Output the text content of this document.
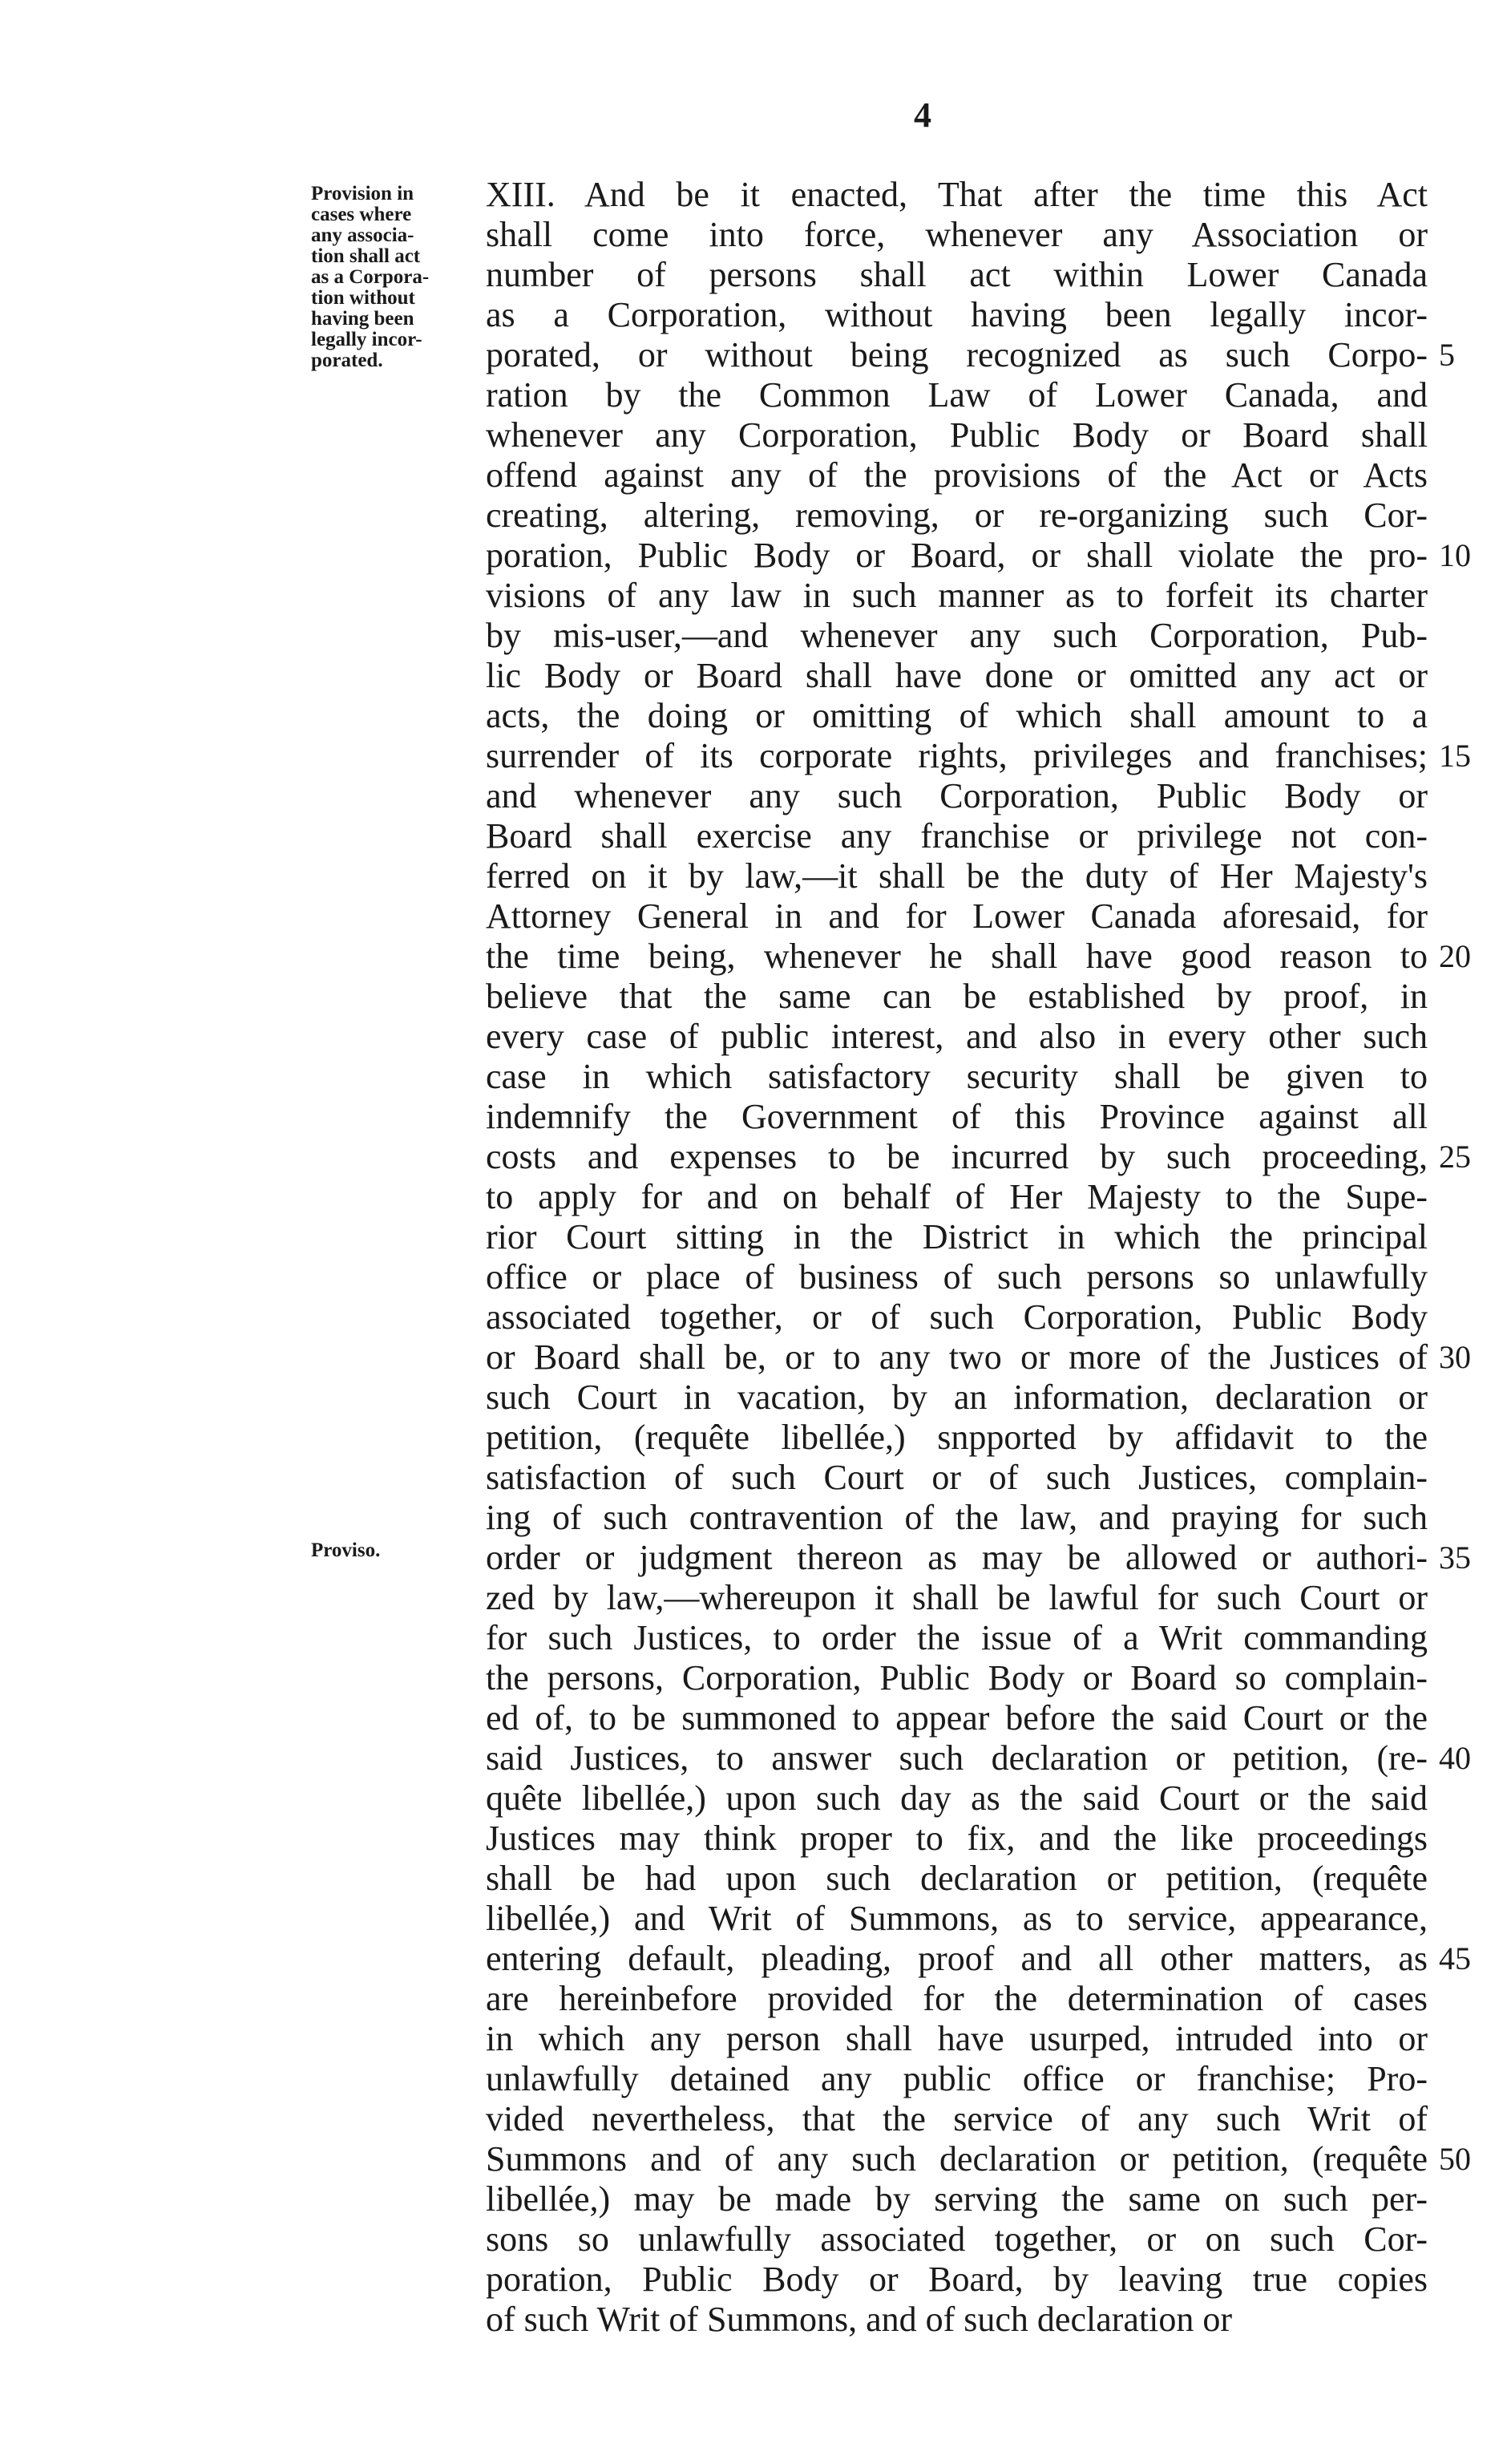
4
Provision in
cases where
any associa-
tion shall act
as a Corpora-
tion without
having been
legally incor-
porated.
Proviso.
XIII. And be it enacted, That after the time this Act
shall come into force, whenever any Association or
number of persons shall act within Lower Canada
as a Corporation, without having been legally incor-
porated, or without being recognized as such Corpo-
ration by the Common Law of Lower Canada, and
whenever any Corporation, Public Body or Board shall
offend against any of the provisions of the Act or Acts
creating, altering, removing, or re-organizing such Cor-
poration, Public Body or Board, or shall violate the pro-
visions of any law in such manner as to forfeit its charter
by mis-user,—and whenever any such Corporation, Pub-
lic Body or Board shall have done or omitted any act or
acts, the doing or omitting of which shall amount to a
surrender of its corporate rights, privileges and franchises;
and whenever any such Corporation, Public Body or
Board shall exercise any franchise or privilege not con-
ferred on it by law,—it shall be the duty of Her Majesty's
Attorney General in and for Lower Canada aforesaid, for
the time being, whenever he shall have good reason to
believe that the same can be established by proof, in
every case of public interest, and also in every other such
case in which satisfactory security shall be given to
indemnify the Government of this Province against all
costs and expenses to be incurred by such proceeding,
to apply for and on behalf of Her Majesty to the Supe-
rior Court sitting in the District in which the principal
office or place of business of such persons so unlawfully
associated together, or of such Corporation, Public Body
or Board shall be, or to any two or more of the Justices of
such Court in vacation, by an information, declaration or
petition, (requête libellée,) snpported by affidavit to the
satisfaction of such Court or of such Justices, complain-
ing of such contravention of the law, and praying for such
order or judgment thereon as may be allowed or authori-
zed by law,—whereupon it shall be lawful for such Court or
for such Justices, to order the issue of a Writ commanding
the persons, Corporation, Public Body or Board so complain-
ed of, to be summoned to appear before the said Court or the
said Justices, to answer such declaration or petition, (re-
quête libellée,) upon such day as the said Court or the said
Justices may think proper to fix, and the like proceedings
shall be had upon such declaration or petition, (requête
libellée,) and Writ of Summons, as to service, appearance,
entering default, pleading, proof and all other matters, as
are hereinbefore provided for the determination of cases
in which any person shall have usurped, intruded into or
unlawfully detained any public office or franchise; Pro-
vided nevertheless, that the service of any such Writ of
Summons and of any such declaration or petition, (requête
libellée,) may be made by serving the same on such per-
sons so unlawfully associated together, or on such Cor-
poration, Public Body or Board, by leaving true copies
of such Writ of Summons, and of such declaration or
5
10
15
20
25
30
35
40
45
50
